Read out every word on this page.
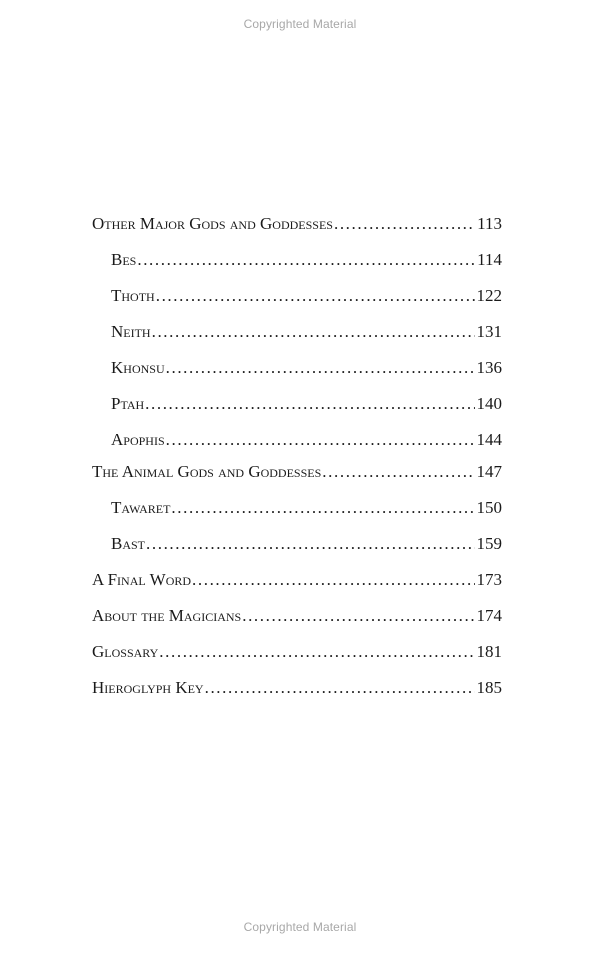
Copyrighted Material
Other Major Gods and Goddesses .....	113
Bes .....	114
Thoth .....	122
Neith .....	131
Khonsu .....	136
Ptah .....	140
Apophis .....	144
The Animal Gods and Goddesses .....	147
Tawaret .....	150
Bast .....	159
A Final Word .....	173
About the Magicians .....	174
Glossary .....	181
Hieroglyph Key .....	185
Copyrighted Material
